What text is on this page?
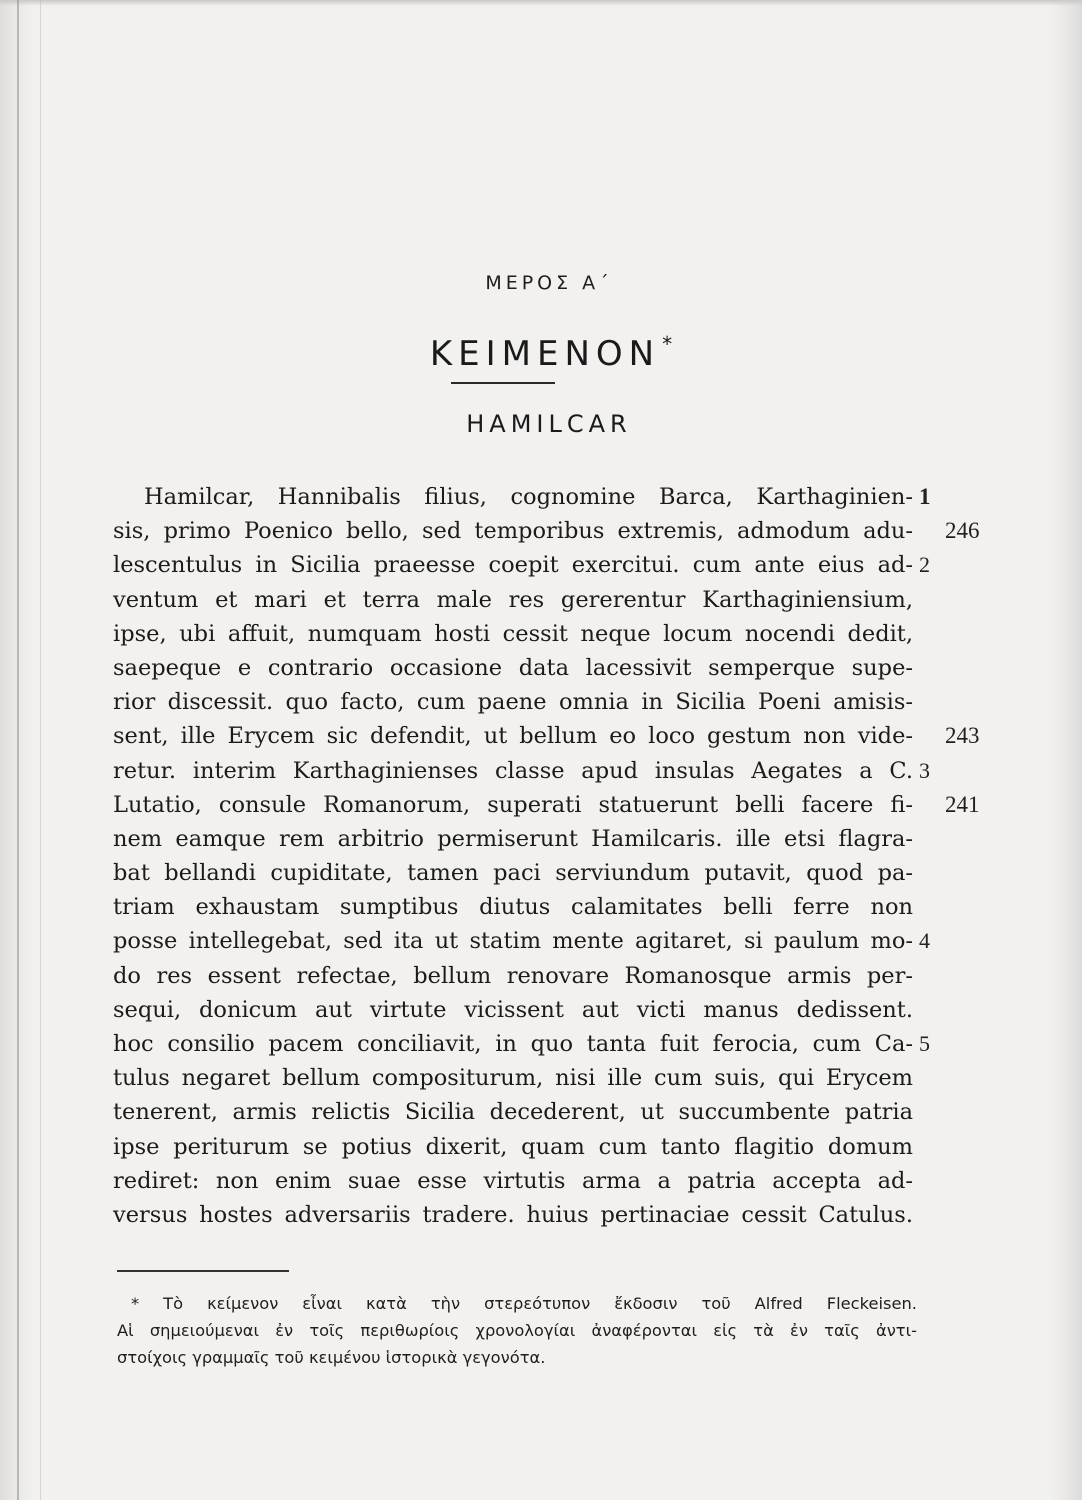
ΜΕΡΟΣ Α΄
KEIMENON *
HAMILCAR
Hamilcar, Hannibalis filius, cognomine Barca, Karthaginien- 1
sis, primo Poenico bello, sed temporibus extremis, admodum adu- 246
lescentulus in Sicilia praeesse coepit exercitui. cum ante eius ad- 2
ventum et mari et terra male res gererentur Karthaginiensium,
ipse, ubi affuit, numquam hosti cessit neque locum nocendi dedit,
saepeque e contrario occasione data lacessivit semperque supe-
rior discessit. quo facto, cum paene omnia in Sicilia Poeni amisis-
sent, ille Erycem sic defendit, ut bellum eo loco gestum non vide- 243
retur. interim Karthaginienses classe apud insulas Aegates a C. 3
Lutatio, consule Romanorum, superati statuerunt belli facere fi- 241
nem eamque rem arbitrio permiserunt Hamilcaris. ille etsi flagra-
bat bellandi cupiditate, tamen paci serviundum putavit, quod pa-
triam exhaustam sumptibus diutus calamitates belli ferre non
posse intellegebat, sed ita ut statim mente agitaret, si paulum mo- 4
do res essent refectae, bellum renovare Romanosque armis per-
sequi, donicum aut virtute vicissent aut victi manus dedissent.
hoc consilio pacem conciliavit, in quo tanta fuit ferocia, cum Ca- 5
tulus negaret bellum compositurum, nisi ille cum suis, qui Erycem
tenerent, armis relictis Sicilia decederent, ut succumbente patria
ipse periturum se potius dixerit, quam cum tanto flagitio domum
rediret: non enim suae esse virtutis arma a patria accepta ad-
versus hostes adversariis tradere. huius pertinaciae cessit Catulus.
* Τὸ κείμενον εἶναι κατὰ τὴν στερεότυπον ἔκδοσιν τοῦ Alfred Fleckeisen.
Αἱ σημειούμεναι ἐν τοῖς περιθωρίοις χρονολογίαι ἀναφέρονται εἰς τὰ ἐν ταῖς ἀντι-
στοίχοις γραμμαῖς τοῦ κειμένου ἱστορικὰ γεγονότα.
